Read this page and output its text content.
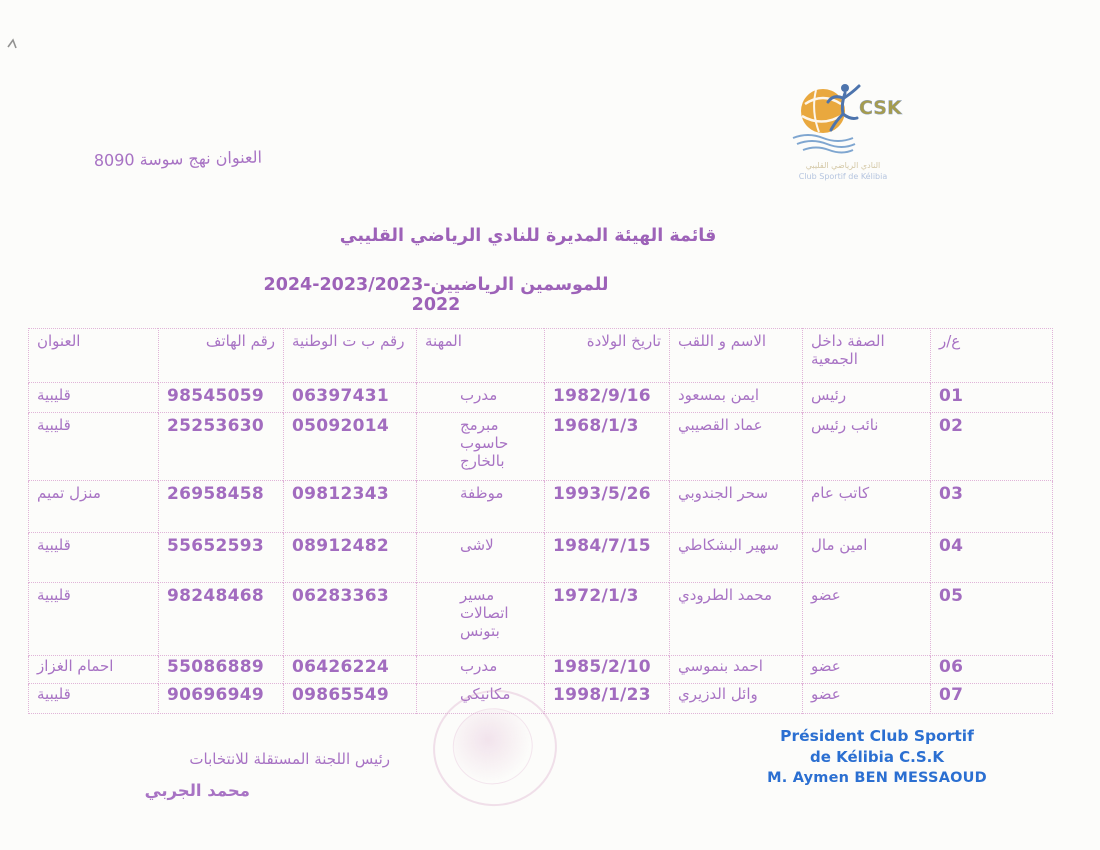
العنوان نهج سوسة 8090
CSK
النادي الرياضي القليبي
Club Sportif de Kélibia
قائمة الهيئة المديرة للنادي الرياضي القليبي
للموسمين الرياضيين2024-2023/2023-2022
ع/ر	الصفة داخل الجمعية	الاسم و اللقب	تاريخ الولادة	المهنة	رقم ب ت الوطنية	رقم الهاتف	العنوان
01	رئيس	ايمن بمسعود	1982/9/16	مدرب	06397431	98545059	قليبية
02	نائب رئيس	عماد القصيبي	1968/1/3	مبرمج حاسوب بالخارج	05092014	25253630	قليبية
03	كاتب عام	سحر الجندوبي	1993/5/26	موظفة	09812343	26958458	منزل تميم
04	امين مال	سهير البشكاطي	1984/7/15	لاشى	08912482	55652593	قليبية
05	عضو	محمد الطرودي	1972/1/3	مسير اتصالات بتونس	06283363	98248468	قليبية
06	عضو	احمد بنموسي	1985/2/10	مدرب	06426224	55086889	احمام الغزاز
07	عضو	وائل الدزيري	1998/1/23	مكانيكي	09865549	90696949	قليبية
رئيس اللجنة المستقلة للانتخابات
محمد الجربي
Président Club Sportif
de Kélibia C.S.K
M. Aymen BEN MESSAOUD
